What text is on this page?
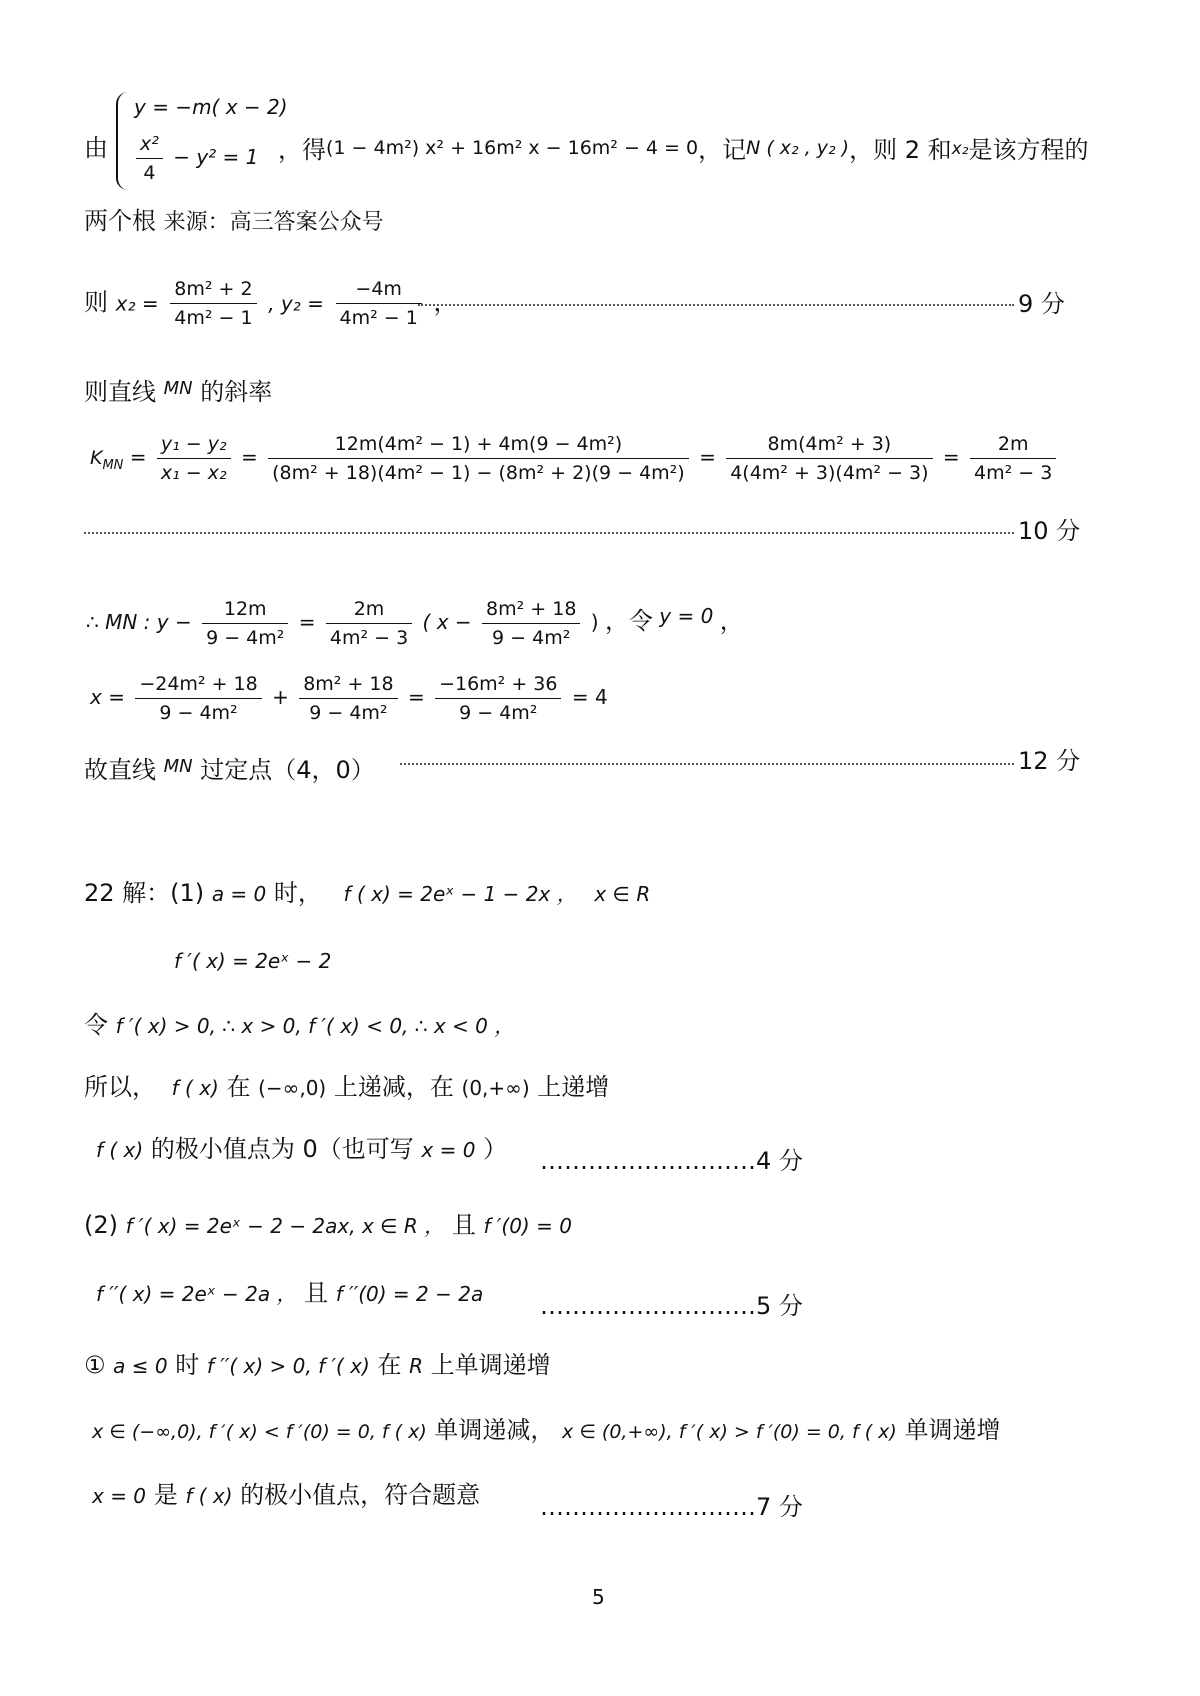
由
y = −m( x − 2)
$\frac{\text{x²}}{4} - y^2 = 1$ ，得(1 − 4m²) x² + 16m² x − 16m² − 4 = 0，记N ( x₂ , y₂ )，则 2 和x₂是该方程的
两个根 来源：高三答案公众号
则 $x_2 = \frac{\text{8m² + 2}}{\text{4m² − 1}}$ , $y_2 = \frac{-4m}{\text{4m² − 1}}$ ，	9 分
则直线 $^{MN}$ 的斜率
$K_{MN} = \frac{\text{y₁ − y₂}}{\text{x₁ − x₂}} = \frac{\text{12m(4m² − 1) + 4m(9 − 4m²)}}{\text{(8m² + 18)(4m² − 1) − (8m² + 2)(9 − 4m²)}} = \frac{\text{8m(4m² + 3)}}{\text{4(4m² + 3)(4m² − 3)}} = \frac{2m}{\text{4m² − 3}}$
10 分
∴ MN : $y - \frac{12m}{\text{9 − 4m²}} = \frac{2m}{\text{4m² − 3}}$ ( $x - \frac{\text{8m² + 18}}{\text{9 − 4m²}}$ ) ，令 y = 0 ，
$x = \frac{\text{−24m² + 18}}{\text{9 − 4m²}} + \frac{\text{8m² + 18}}{\text{9 − 4m²}} = \frac{\text{−16m² + 36}}{\text{9 − 4m²}} = 4$
故直线 $^{MN}$ 过定点（4，0）	12 分
22 解：(1) a = 0 时， f ( x) = 2eˣ − 1 − 2x ， x ∈ R
f ′( x) = 2eˣ − 2
令 f ′( x) > 0, ∴ x > 0, f ′( x) < 0, ∴ x < 0 ，
所以， f ( x) 在 (−∞,0) 上递减，在 (0,+∞) 上递增
f ( x) 的极小值点为 0（也可写 x = 0 ） ………………………4 分
(2) f ′( x) = 2eˣ − 2 − 2ax, x ∈ R ， 且 f ′(0) = 0
f ′′( x) = 2eˣ − 2a ， 且 f ′′(0) = 2 − 2a ………………………5 分
① a ≤ 0 时 f ′′( x) > 0, f ′( x) 在 R 上单调递增
x ∈ (−∞,0), f ′( x) < f ′(0) = 0, f ( x) 单调递减， x ∈ (0,+∞), f ′( x) > f ′(0) = 0, f ( x) 单调递增
x = 0 是 f ( x) 的极小值点，符合题意 ………………………7 分
5
